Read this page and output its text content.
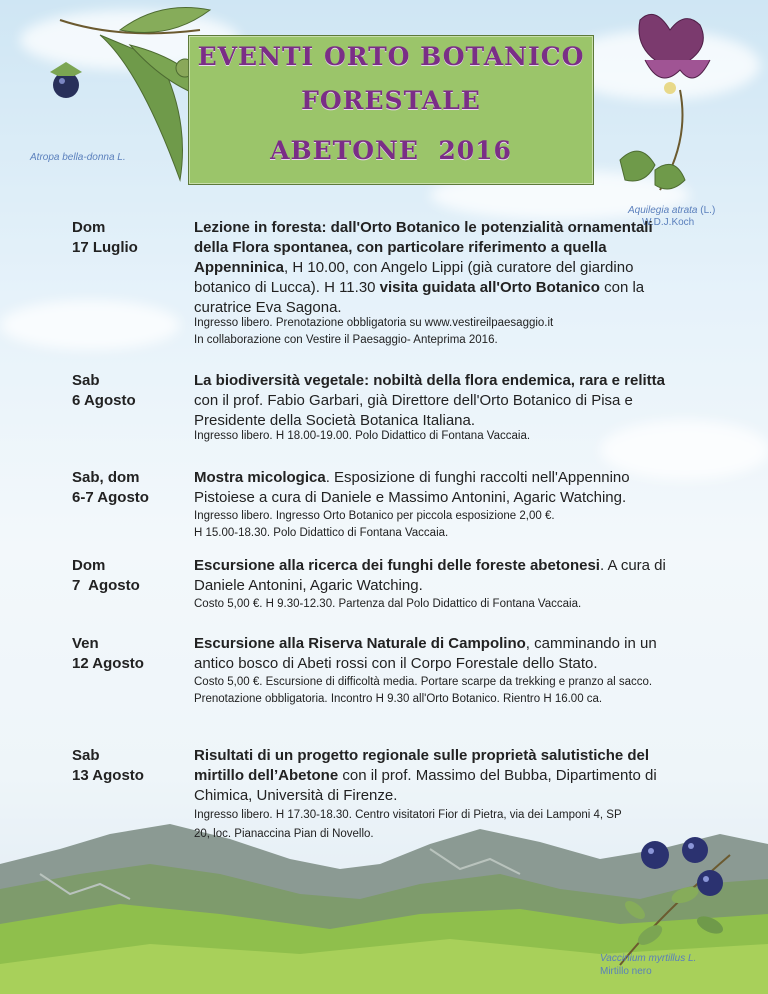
EVENTI ORTO BOTANICO
FORESTALE
ABETONE  2016
Atropa bella-donna L.
Aquilegia atrata (L.)
W.D.J.Koch
Vaccinium myrtillus L.
Mirtillo nero
Dom
17 Luglio
Lezione in foresta: dall'Orto Botanico le potenzialità ornamentali della Flora spontanea, con particolare riferimento a quella Appenninica, H 10.00, con Angelo Lippi (già curatore del giardino botanico di Lucca). H 11.30 visita guidata all'Orto Botanico con la curatrice Eva Sagona.
Ingresso libero. Prenotazione obbligatoria su www.vestireilpaesaggio.it
In collaborazione con Vestire il Paesaggio- Anteprima 2016.
Sab
6 Agosto
La biodiversità vegetale: nobiltà della flora endemica, rara e relitta con il prof. Fabio Garbari, già Direttore dell'Orto Botanico di Pisa e Presidente della Società Botanica Italiana.
Ingresso libero. H 18.00-19.00. Polo Didattico di Fontana Vaccaia.
Sab, dom
6-7 Agosto
Mostra micologica. Esposizione di funghi raccolti nell'Appennino Pistoiese a cura di Daniele e Massimo Antonini, Agaric Watching.
Ingresso libero. Ingresso Orto Botanico per piccola esposizione 2,00 €.
H 15.00-18.30. Polo Didattico di Fontana Vaccaia.
Dom
7  Agosto
Escursione alla ricerca dei funghi delle foreste abetonesi. A cura di Daniele Antonini, Agaric Watching.
Costo 5,00 €. H 9.30-12.30. Partenza dal Polo Didattico di Fontana Vaccaia.
Ven
12 Agosto
Escursione alla Riserva Naturale di Campolino, camminando in un antico bosco di Abeti rossi con il Corpo Forestale dello Stato.
Costo 5,00 €. Escursione di difficoltà media. Portare scarpe da trekking e pranzo al sacco. Prenotazione obbligatoria. Incontro H 9.30 all'Orto Botanico. Rientro H 16.00 ca.
Sab
13 Agosto
Risultati di un progetto regionale sulle proprietà salutistiche del mirtillo dell’Abetone con il prof. Massimo del Bubba, Dipartimento di Chimica, Università di Firenze.
Ingresso libero. H 17.30-18.30. Centro visitatori Fior di Pietra, via dei Lamponi 4, SP 20, loc. Pianaccina Pian di Novello.
